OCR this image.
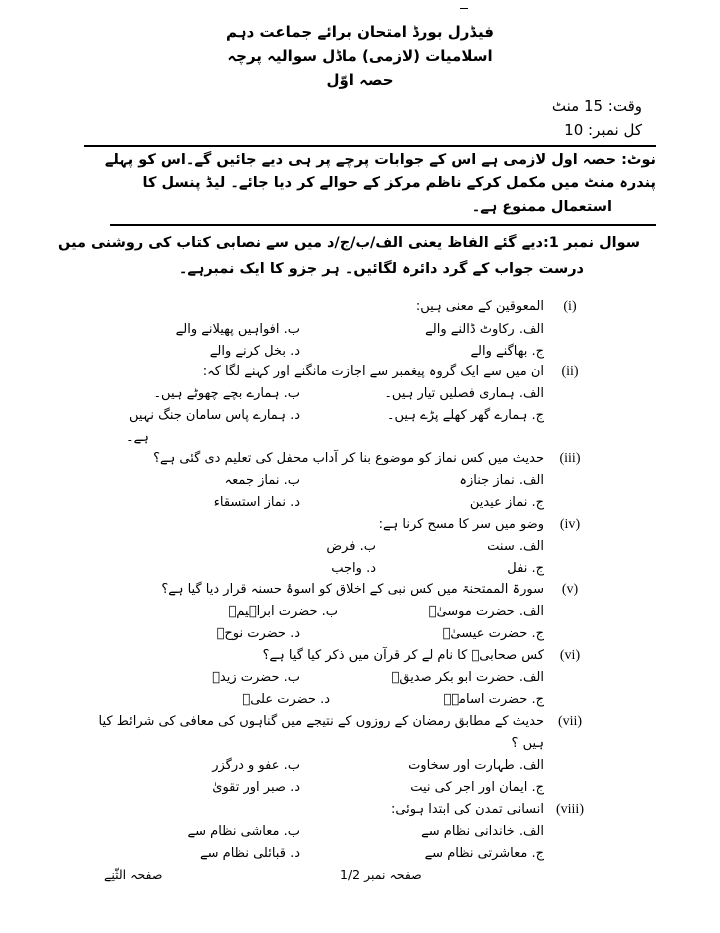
فیڈرل بورڈ امتحان برائے جماعت دہم
اسلامیات (لازمی) ماڈل سوالیہ پرچہ
حصہ اوّل
وقت: 15 منٹ
کل نمبر: 10
نوٹ: حصہ اول لازمی ہے اس کے جوابات پرچے پر ہی دیے جائیں گے۔اس کو پہلے
پندرہ منٹ میں مکمل کرکے ناظم مرکز کے حوالے کر دیا جائے۔ لیڈ پنسل کا
استعمال ممنوع ہے۔
سوال نمبر 1:دیے گئے الفاظ یعنی الف/ب/ج/د میں سے نصابی کتاب کی روشنی میں
درست جواب کے گرد دائرہ لگائیں۔ ہر جزو کا ایک نمبرہے۔
(i)
المعوقین کے معنی ہیں:
الف. رکاوٹ ڈالنے والے
ب. افواہیں پھیلانے والے
ج. بھاگنے والے
د. بخل کرنے والے
(ii)
ان میں سے ایک گروہ پیغمبر سے اجازت مانگنے اور کہنے لگا کہ:
الف. ہماری فصلیں تیار ہیں۔
ب. ہمارے بچے چھوٹے ہیں۔
ج. ہمارے گھر کھلے پڑے ہیں۔
د. ہمارے پاس سامان جنگ نہیں
ہے۔
(iii)
حدیث میں کس نماز کو موضوع بنا کر آداب محفل کی تعلیم دی گئی ہے؟
الف. نماز جنازہ
ب. نماز جمعہ
ج. نماز عیدین
د. نماز استسقاء
(iv)
وضو میں سر کا مسح کرنا ہے:
الف. سنت
ب. فرض
ج. نفل
د. واجب
(v)
سورۃ الممتحنۃ میں کس نبی کے اخلاق کو اسوۂ حسنہ قرار دیا گیا ہے؟
الف. حضرت موسیٰؑ
ب. حضرت ابراہیمؑ
ج. حضرت عیسیٰؑ
د. حضرت نوحؑ
(vi)
کس صحابیؓ کا نام لے کر قرآن میں ذکر کیا گیا ہے؟
الف. حضرت ابو بکر صدیقؓ
ب. حضرت زیدؓ
ج. حضرت اسامہؓ
د. حضرت علیؓ
(vii)
حدیث کے مطابق رمضان کے روزوں کے نتیجے میں گناہوں کی معافی کی شرائط کیا
ہیں ؟
الف. طہارت اور سخاوت
ب. عفو و درگزر
ج. ایمان اور اجر کی نیت
د. صبر اور تقویٰ
(viii)
انسانی تمدن کی ابتدا ہوئی:
الف. خاندانی نظام سے
ب. معاشی نظام سے
ج. معاشرتی نظام سے
د. قبائلی نظام سے
صفحہ نمبر 1/2
صفحہ الثّنِے
